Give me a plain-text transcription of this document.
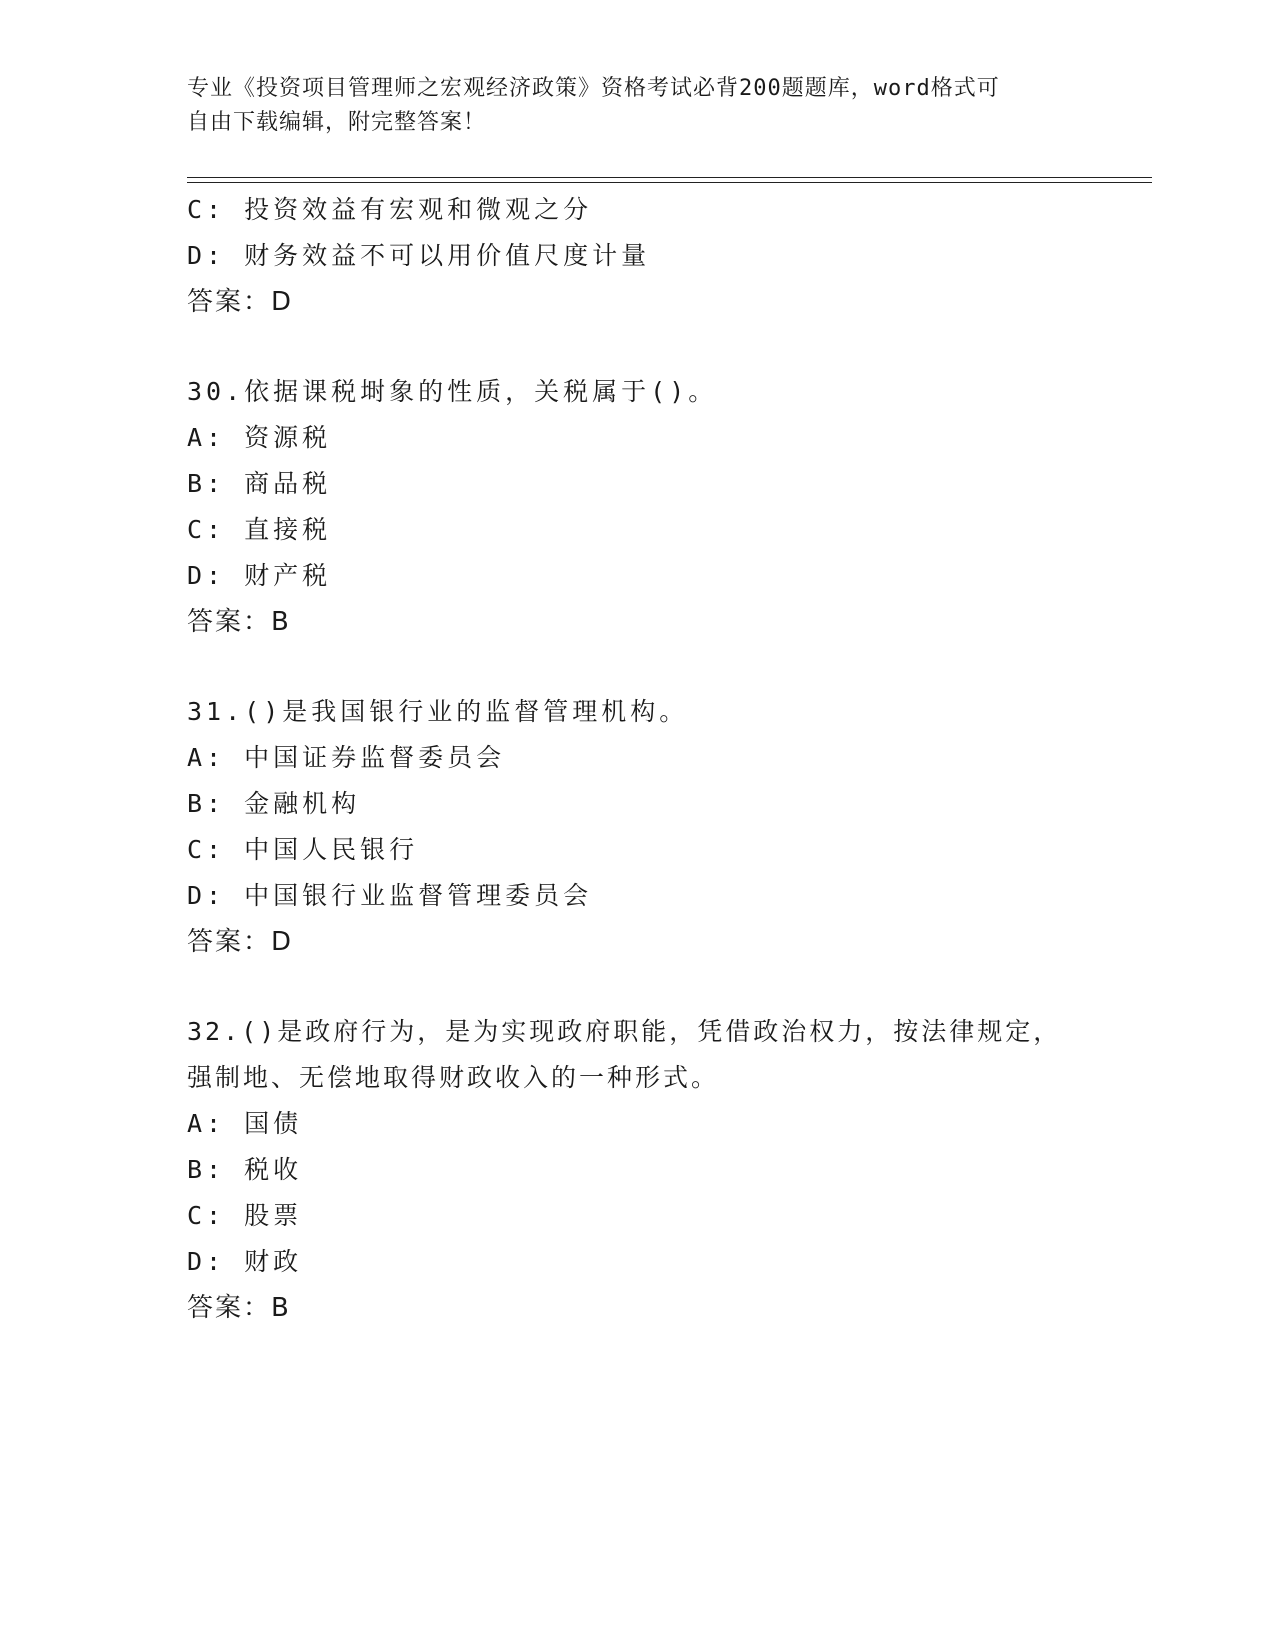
专业《投资项目管理师之宏观经济政策》资格考试必背200题题库，word格式可
自由下载编辑，附完整答案！
C: 投资效益有宏观和微观之分
D: 财务效益不可以用价值尺度计量
答案：D
30.依据课税埘象的性质，关税属于()。
A: 资源税
B: 商品税
C: 直接税
D: 财产税
答案：B
31.()是我国银行业的监督管理机构。
A: 中国证券监督委员会
B: 金融机构
C: 中国人民银行
D: 中国银行业监督管理委员会
答案：D
32.()是政府行为，是为实现政府职能，凭借政治权力，按法律规定，
强制地、无偿地取得财政收入的一种形式。
A: 国债
B: 税收
C: 股票
D: 财政
答案：B
